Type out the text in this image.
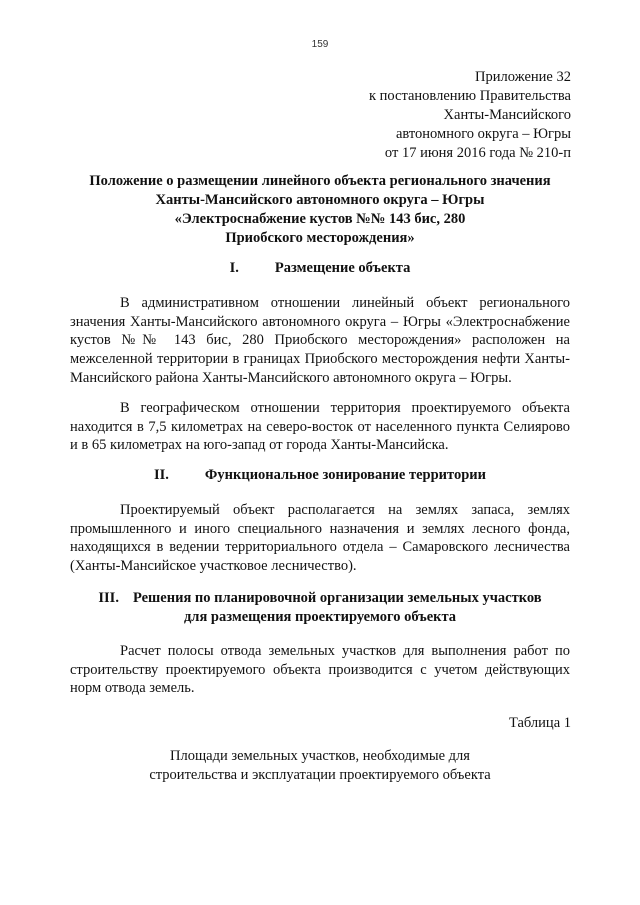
159
Приложение 32
к постановлению Правительства
Ханты-Мансийского
автономного округа – Югры
от 17 июня 2016 года № 210-п
Положение о размещении линейного объекта регионального значения
Ханты-Мансийского автономного округа – Югры
«Электроснабжение кустов №№ 143 бис, 280
Приобского месторождения»
I. Размещение объекта

В административном отношении линейный объект регионального значения Ханты-Мансийского автономного округа – Югры «Электроснабжение кустов №№ 143 бис, 280 Приобского месторождения» расположен на межселенной территории в границах Приобского месторождения нефти Ханты-Мансийского района Ханты-Мансийского автономного округа – Югры.

В географическом отношении территория проектируемого объекта находится в 7,5 километрах на северо-восток от населенного пункта Селиярово и в 65 километрах на юго-запад от города Ханты-Мансийска.

II. Функциональное зонирование территории

Проектируемый объект располагается на землях запаса, землях промышленного и иного специального назначения и землях лесного фонда, находящихся в ведении территориального отдела – Самаровского лесничества (Ханты-Мансийское участковое лесничество).

III. Решения по планировочной организации земельных участков
для размещения проектируемого объекта

Расчет полосы отвода земельных участков для выполнения работ по строительству проектируемого объекта производится с учетом действующих норм отвода земель.

Таблица 1
Площади земельных участков, необходимые для
строительства и эксплуатации проектируемого объекта
